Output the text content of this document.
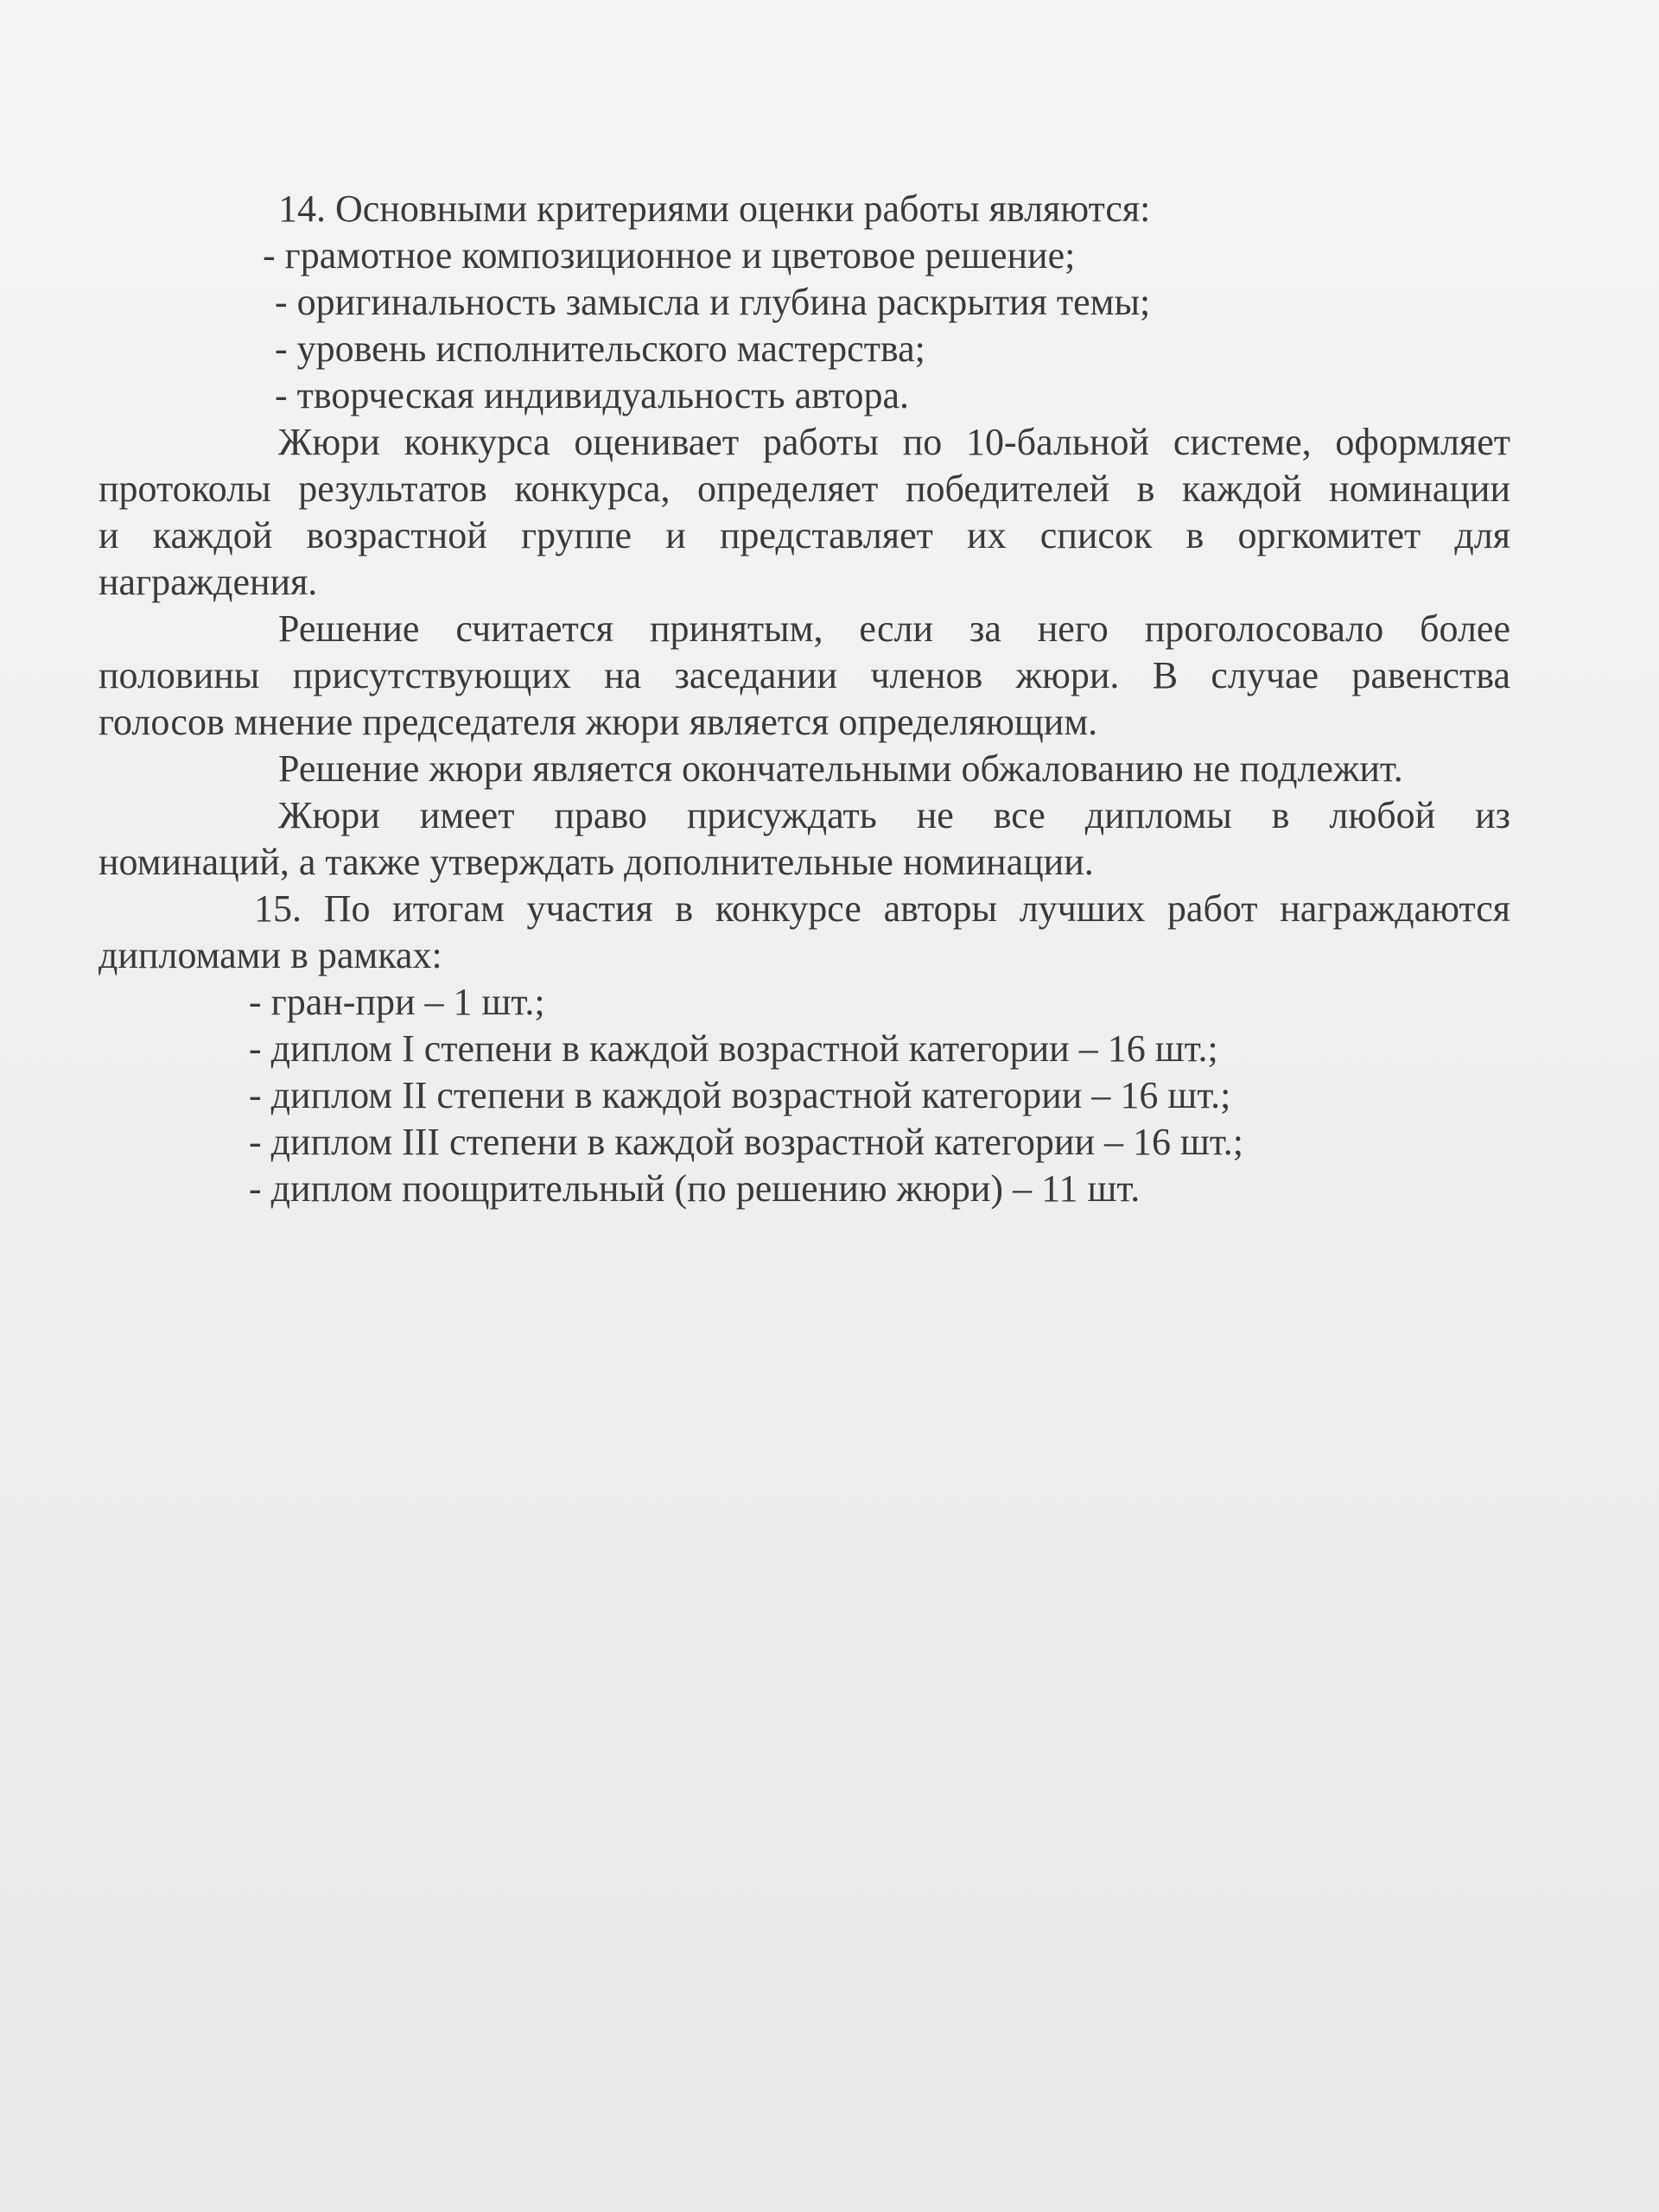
14. Основными критериями оценки работы являются:
- грамотное композиционное и цветовое решение;
- оригинальность замысла и глубина раскрытия темы;
- уровень исполнительского мастерства;
- творческая индивидуальность автора.
Жюри конкурса оценивает работы по 10-бальной системе, оформляет
протоколы результатов конкурса, определяет победителей в каждой номинации
и каждой возрастной группе и представляет их список в оргкомитет для
награждения.
Решение считается принятым, если за него проголосовало более
половины присутствующих на заседании членов жюри. В случае равенства
голосов мнение председателя жюри является определяющим.
Решение жюри является окончательными обжалованию не подлежит.
Жюри имеет право присуждать не все дипломы в любой из
номинаций, а также утверждать дополнительные номинации.
15. По итогам участия в конкурсе авторы лучших работ награждаются
дипломами в рамках:
- гран-при – 1 шт.;
- диплом I степени в каждой возрастной категории – 16 шт.;
- диплом II степени в каждой возрастной категории – 16 шт.;
- диплом III степени в каждой возрастной категории – 16 шт.;
- диплом поощрительный (по решению жюри) – 11 шт.
